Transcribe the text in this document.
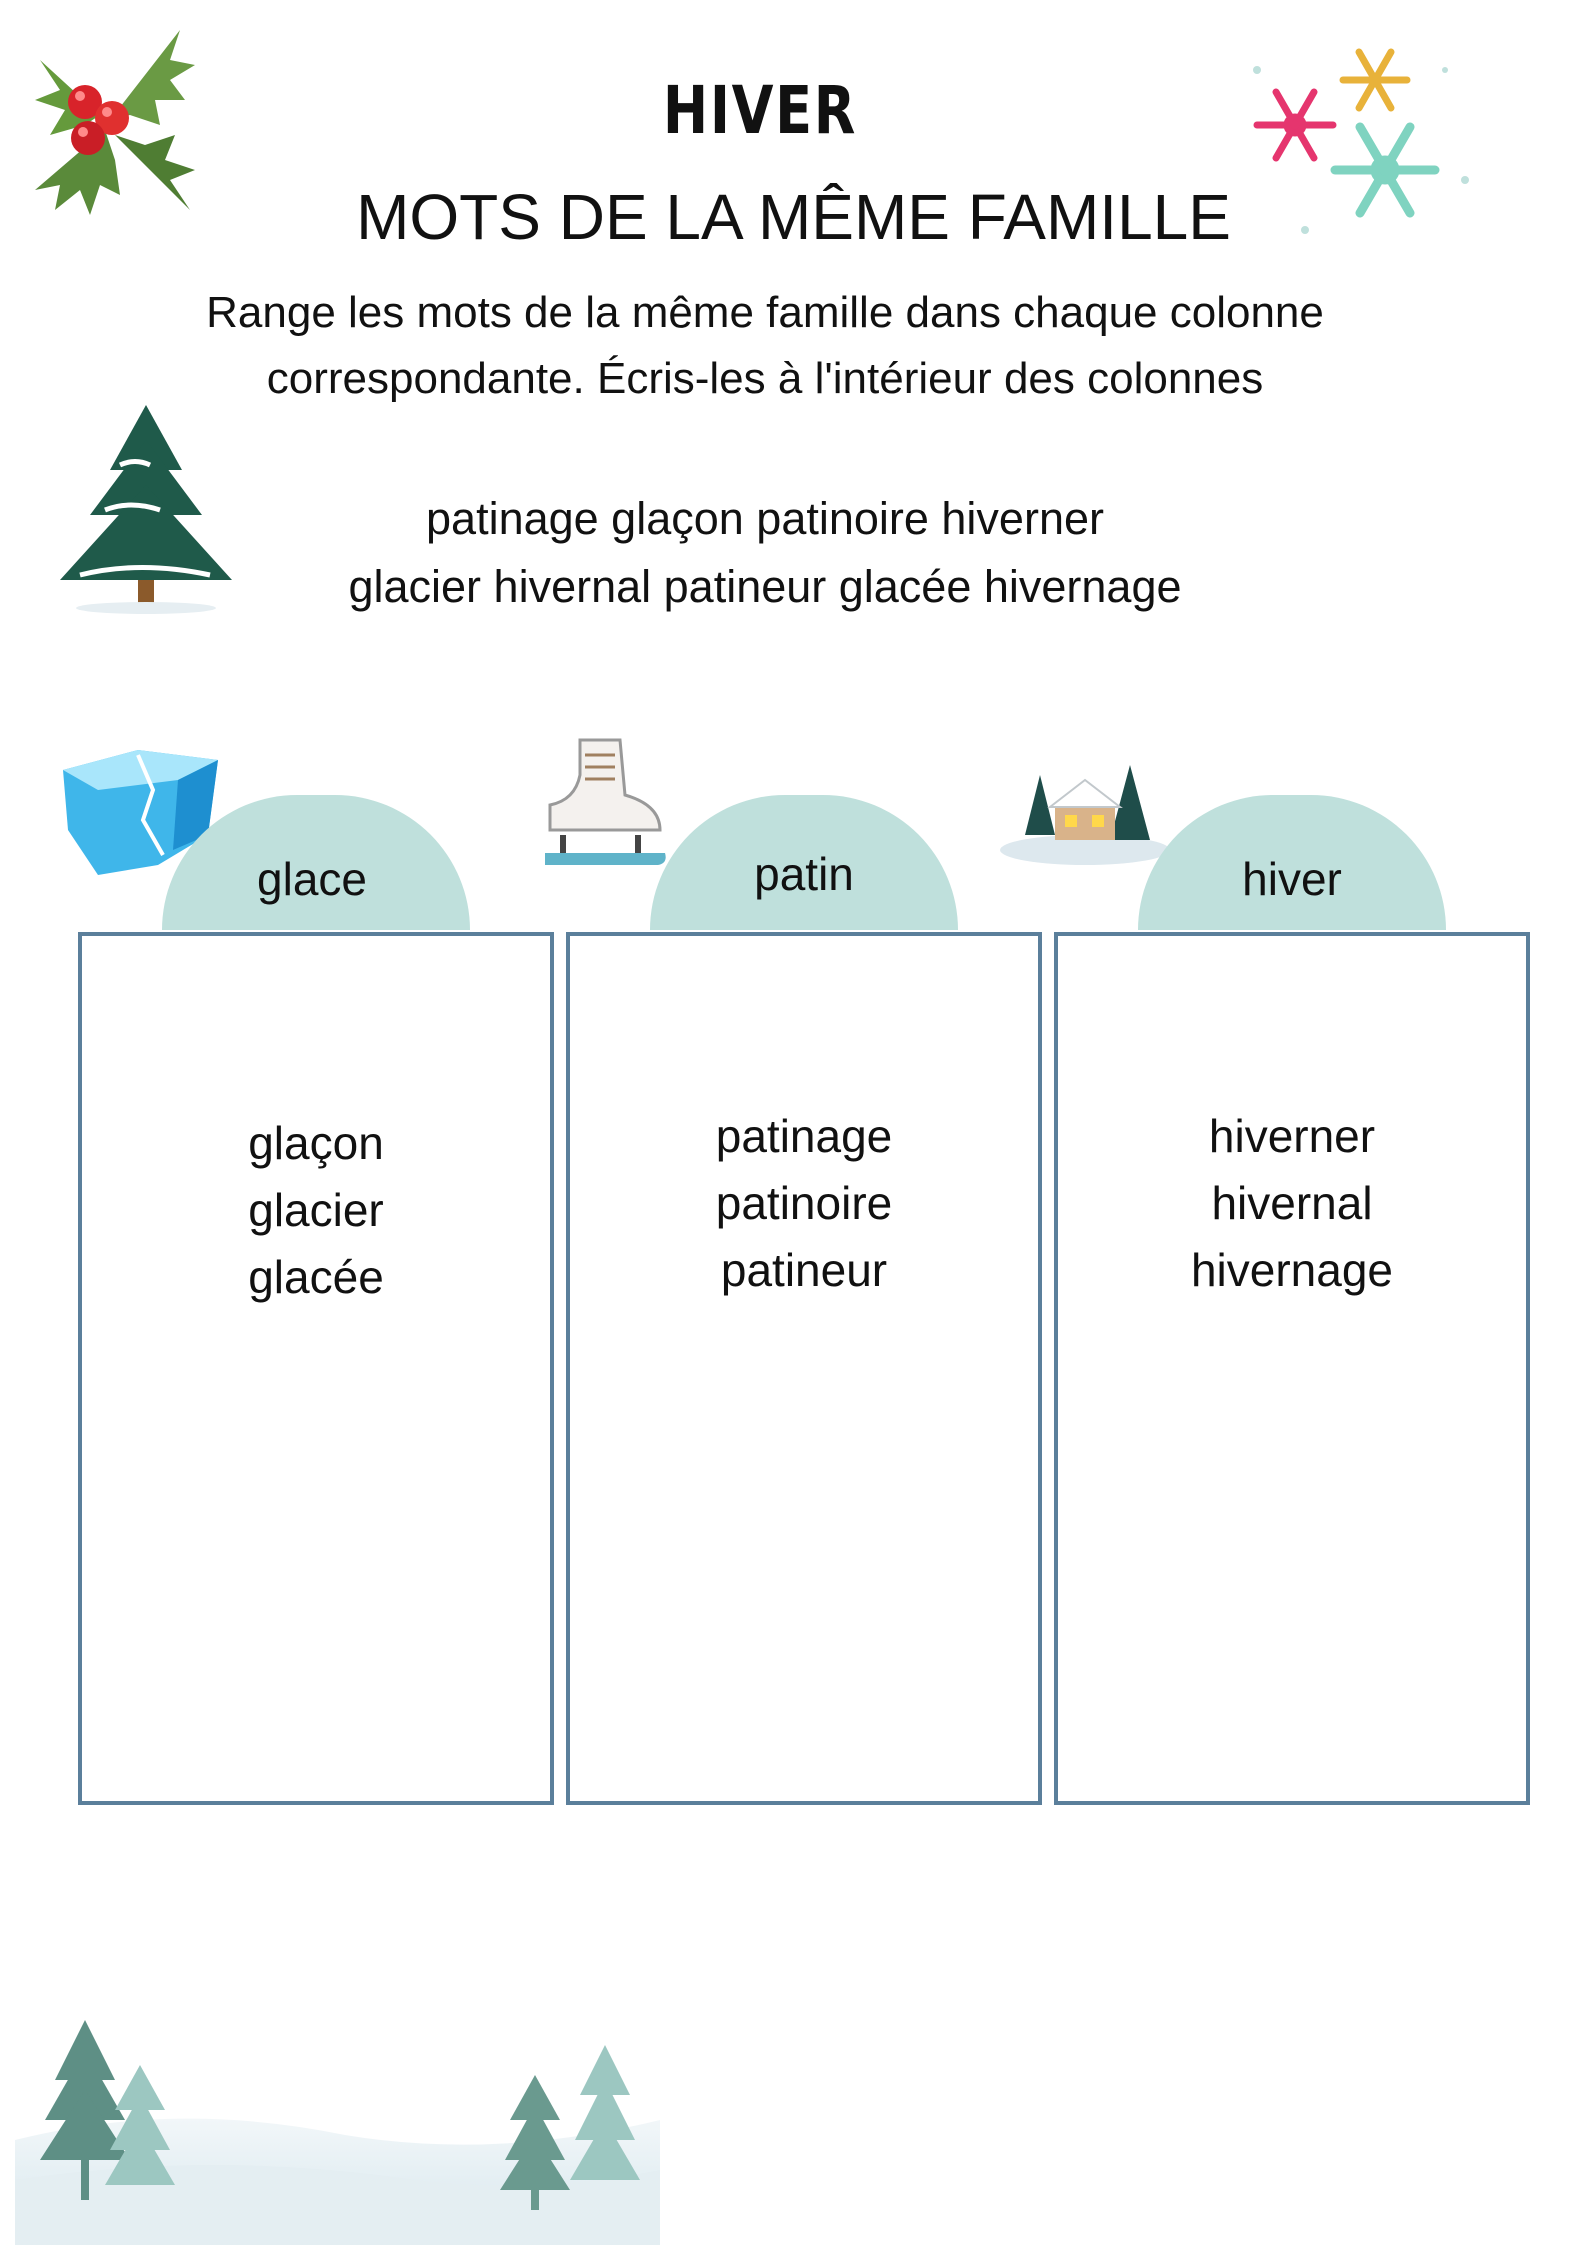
HIVER
MOTS DE LA MÊME FAMILLE
Range les mots de la même famille dans chaque colonne
correspondante. Écris-les à l'intérieur des colonnes
patinage glaçon patinoire hiverner
glacier hivernal patineur glacée hivernage
glace
glaçon
glacier
glacée
patin
patinage
patinoire
patineur
hiver
hiverner
hivernal
hivernage
